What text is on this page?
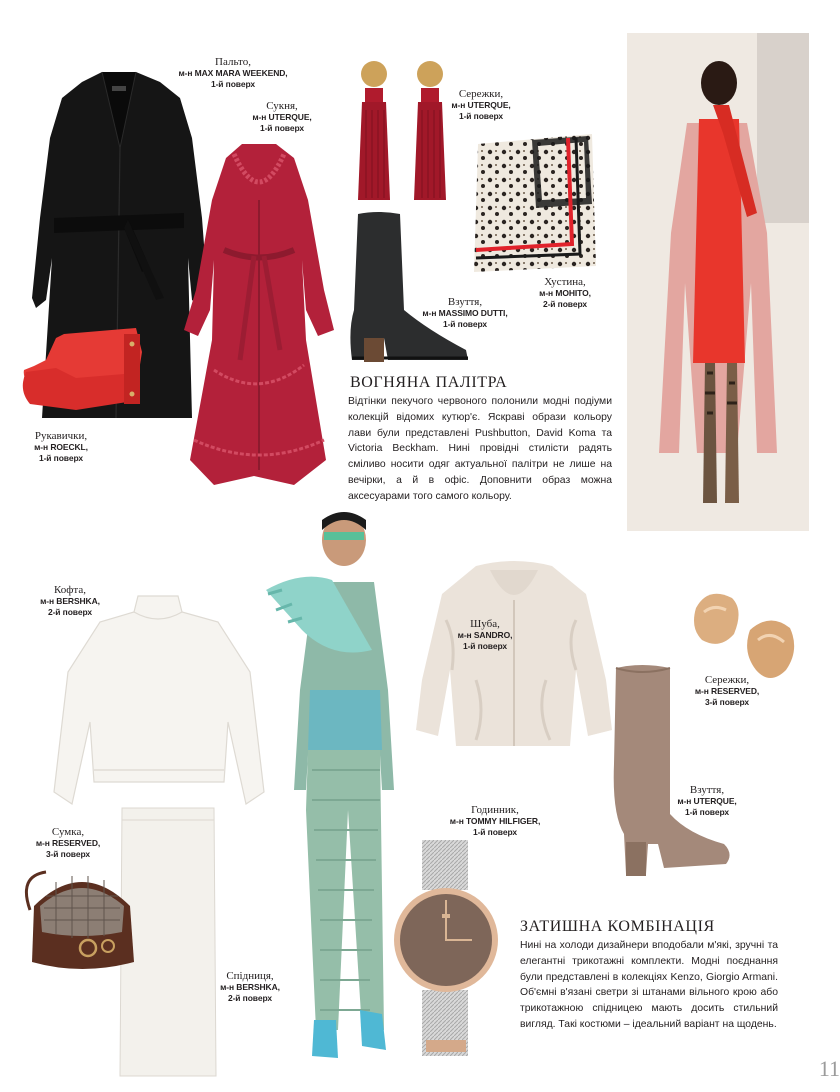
Пальто,
м-н MAX MARA WEEKEND,
1-й поверх
Сукня,
м-н UTERQUE,
1-й поверх
Сережки,
м-н UTERQUE,
1-й поверх
Хустина,
м-н MOHITO,
2-й поверх
Взуття,
м-н MASSIMO DUTTI,
1-й поверх
Рукавички,
м-н ROECKL,
1-й поверх
ВОГНЯНА ПАЛІТРА

Відтінки пекучого червоного полонили модні подіуми колекцій відомих кутюр'є. Яскраві образи кольору лави були представлені Pushbutton, David Koma та Victoria Beckham. Нині провідні стилісти радять сміливо носити одяг актуальної палітри не лише на вечірки, а й в офіс. Доповнити образ можна аксесуарами того самого кольору.

Кофта,
м-н BERSHKA,
2-й поверх
Шуба,
м-н SANDRO,
1-й поверх
Сережки,
м-н RESERVED,
3-й поверх
Взуття,
м-н UTERQUE,
1-й поверх
Сумка,
м-н RESERVED,
3-й поверх
Годинник,
м-н TOMMY HILFIGER,
1-й поверх
Спідниця,
м-н BERSHKA,
2-й поверх
ЗАТИШНА КОМБІНАЦІЯ

Нині на холоди дизайнери вподобали м'які, зручні та елегантні трикотажні комплекти. Модні поєднання були представлені в колекціях Kenzo, Giorgio Armani. Об'ємні в'язані светри зі штанами вільного крою або трикотажною спідницею мають досить стильний вигляд. Такі костюми – ідеальний варіант на щодень.

11
